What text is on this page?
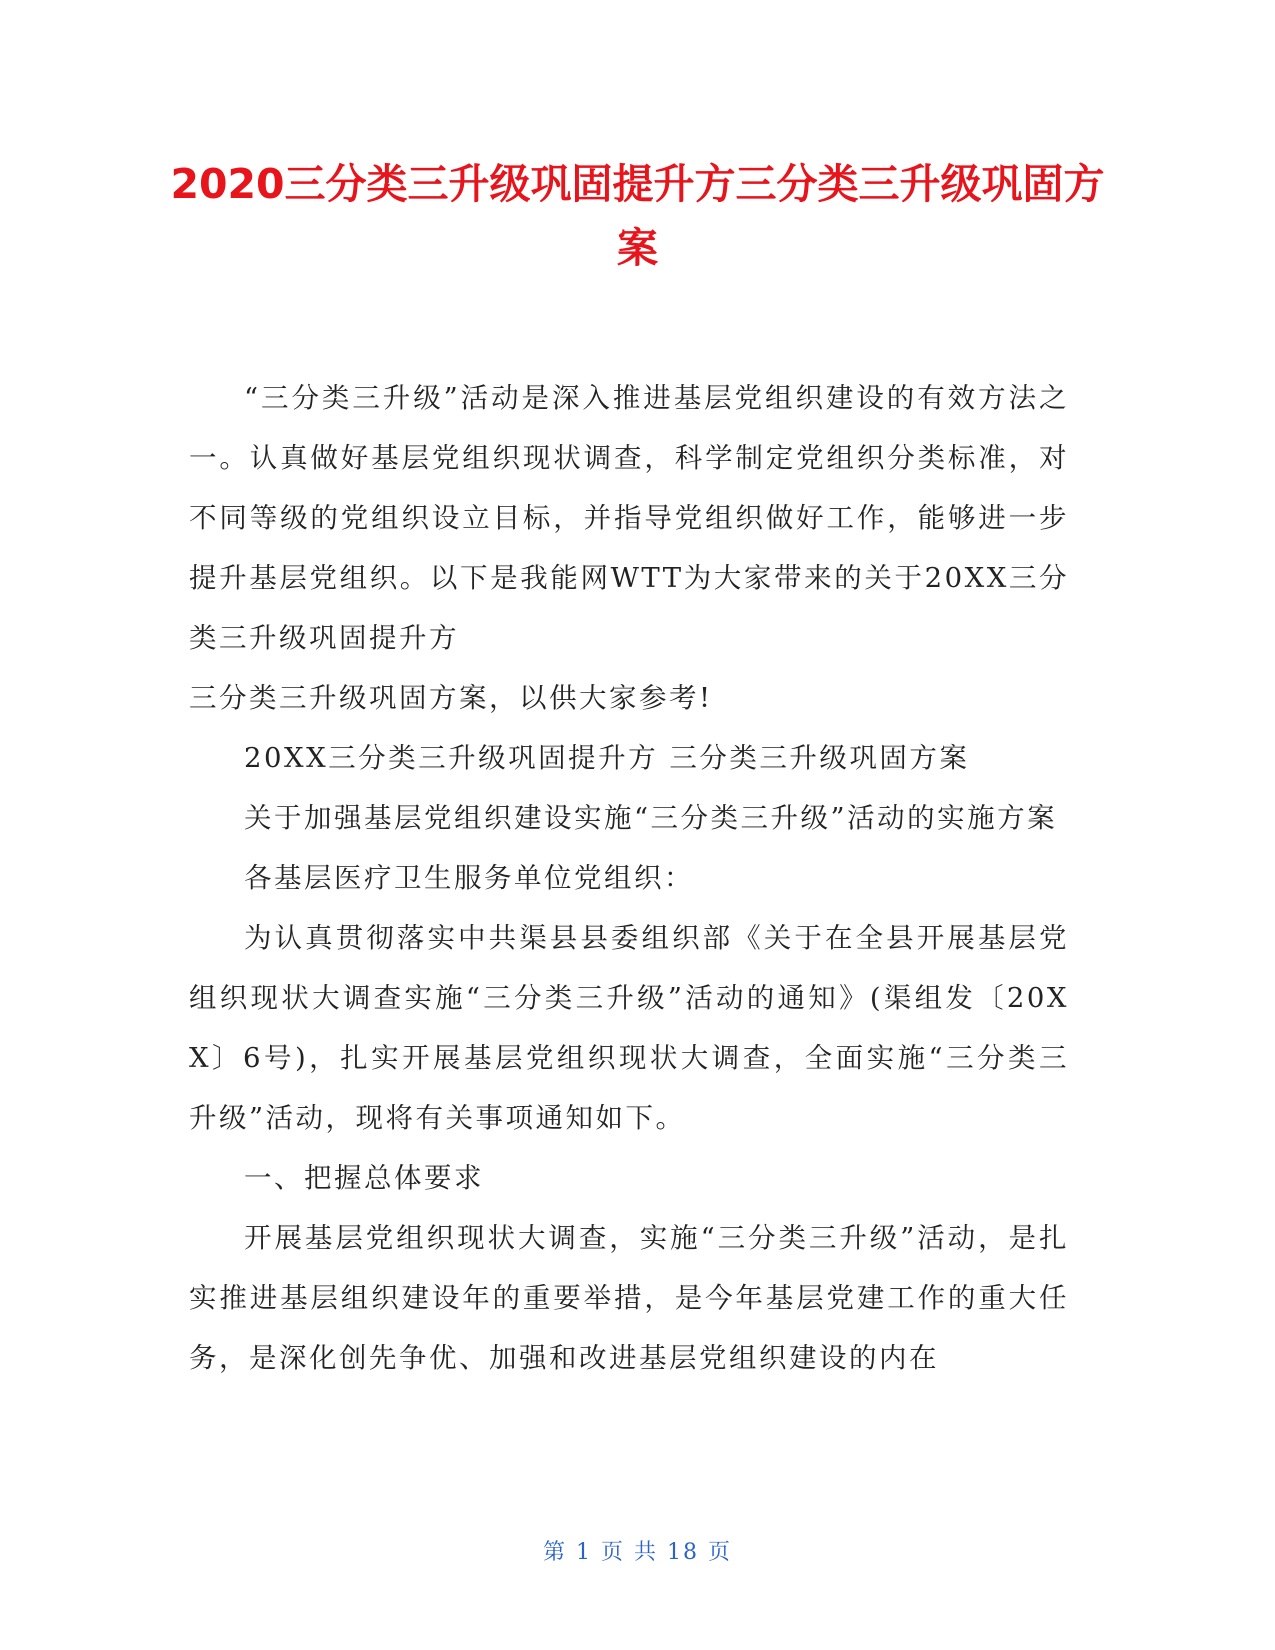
2020三分类三升级巩固提升方三分类三升级巩固方案

“三分类三升级”活动是深入推进基层党组织建设的有效方法之一。认真做好基层党组织现状调查，科学制定党组织分类标准，对不同等级的党组织设立目标，并指导党组织做好工作，能够进一步提升基层党组织。以下是我能网WTT为大家带来的关于20XX三分类三升级巩固提升方

三分类三升级巩固方案，以供大家参考!

20XX三分类三升级巩固提升方 三分类三升级巩固方案

关于加强基层党组织建设实施“三分类三升级”活动的实施方案

各基层医疗卫生服务单位党组织：

为认真贯彻落实中共渠县县委组织部《关于在全县开展基层党组织现状大调查实施“三分类三升级”活动的通知》(渠组发〔20XX〕6号)，扎实开展基层党组织现状大调查，全面实施“三分类三升级”活动，现将有关事项通知如下。

一、把握总体要求

开展基层党组织现状大调查，实施“三分类三升级”活动，是扎实推进基层组织建设年的重要举措，是今年基层党建工作的重大任务，是深化创先争优、加强和改进基层党组织建设的内在

第 1 页 共 18 页
